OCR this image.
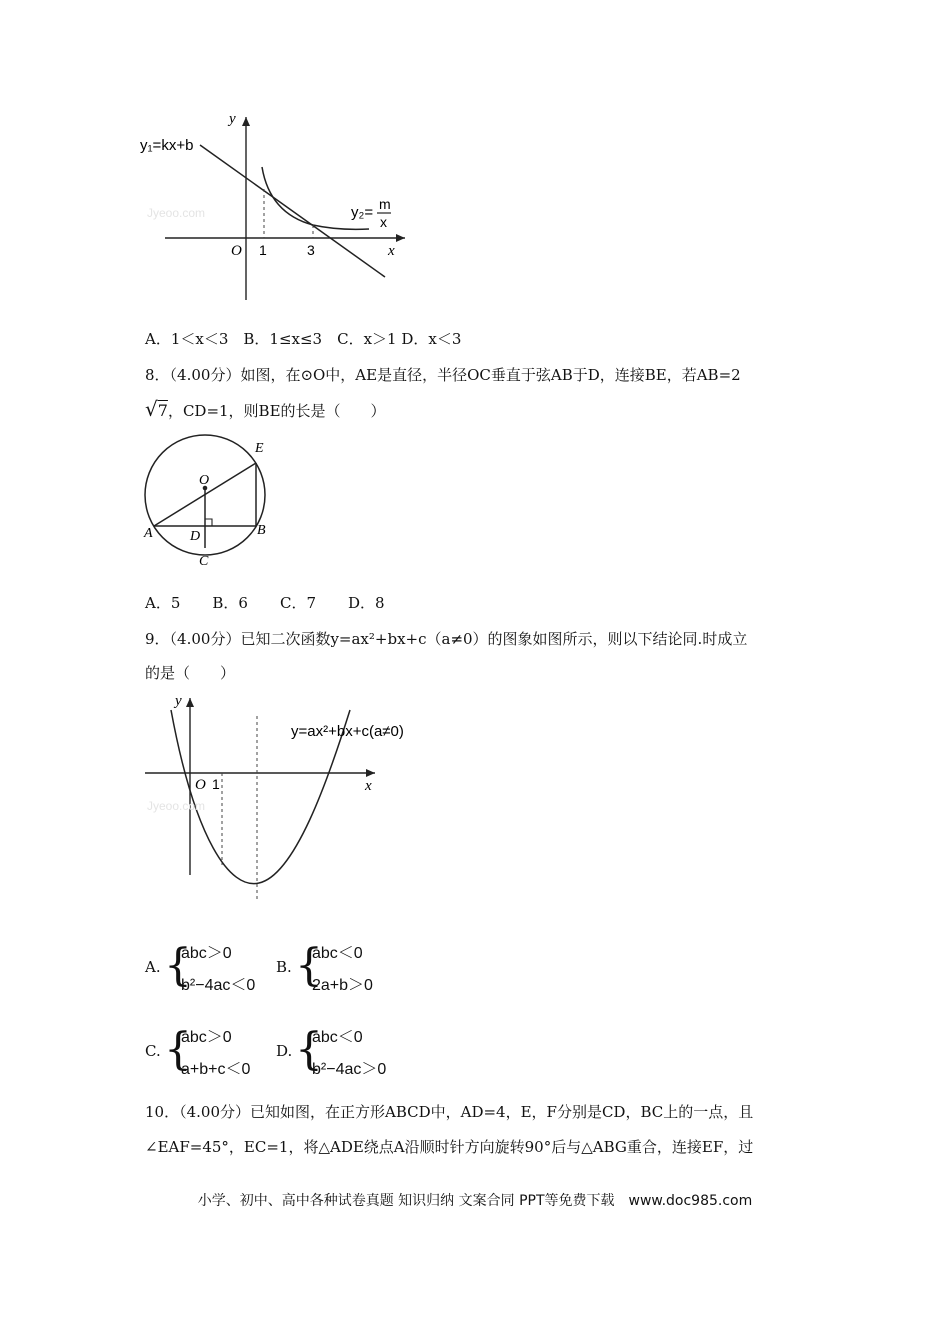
y
x
O 1	3
y₁=kx+b
y₂= m
x
Jyeoo.com
A．1＜x＜3　B．1≤x≤3　C．x＞1 D．x＜3
8．（4.00分）如图，在⊙O中，AE是直径，半径OC垂直于弦AB于D，连接BE，若AB=2
√7，CD=1，则BE的长是（　　）
O
E
A	B
D
C
A．5 B．6 C．7 D．8
9．（4.00分）已知二次函数y=ax²+bx+c（a≠0）的图象如图所示，则以下结论同.时成立
的是（　　）
y
x
O 1
y=ax²+bx+c(a≠0)
Jyeoo.com
A. {
abc＞0
b²−4ac＜0
B. {
abc＜0
2a+b＞0
C. {
abc＞0
a+b+c＜0
D. {
abc＜0
b²−4ac＞0
10．（4.00分）已知如图，在正方形ABCD中，AD=4，E，F分别是CD，BC上的一点，且
∠EAF=45°，EC=1，将△ADE绕点A沿顺时针方向旋转90°后与△ABG重合，连接EF，过
小学、初中、高中各种试卷真题 知识归纳 文案合同 PPT等免费下载　www.doc985.com
